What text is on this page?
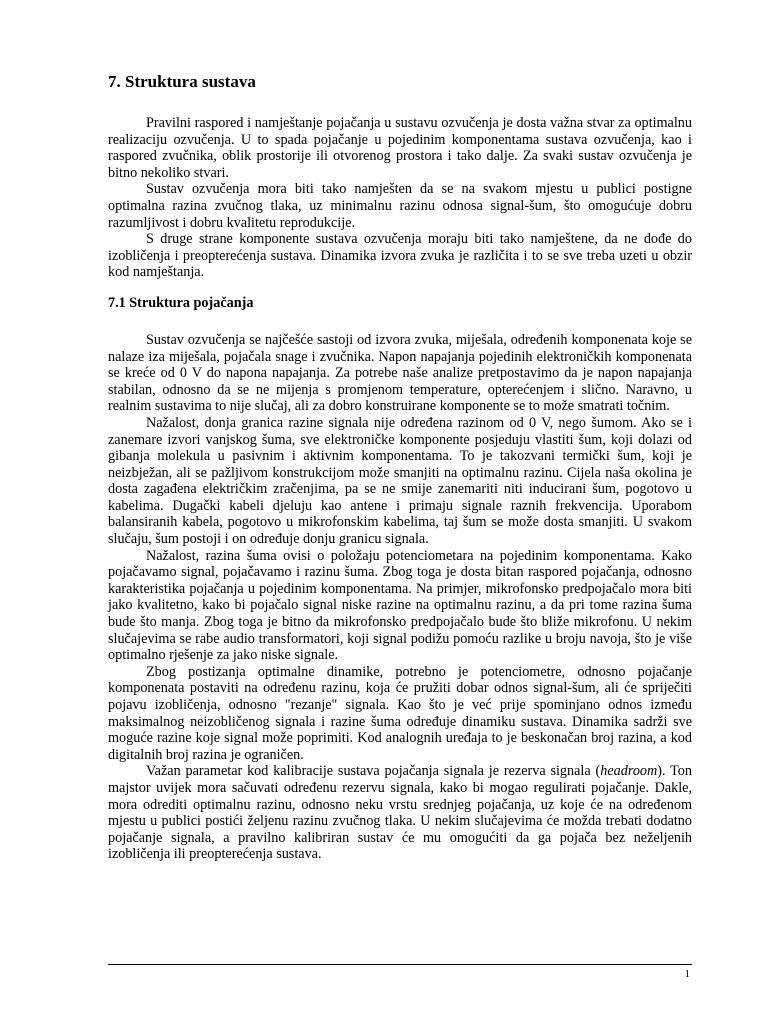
7. Struktura sustava

Pravilni raspored i namještanje pojačanja u sustavu ozvučenja je dosta važna stvar za optimalnu realizaciju ozvučenja. U to spada pojačanje u pojedinim komponentama sustava ozvučenja, kao i raspored zvučnika, oblik prostorije ili otvorenog prostora i tako dalje. Za svaki sustav ozvučenja je bitno nekoliko stvari.

Sustav ozvučenja mora biti tako namješten da se na svakom mjestu u publici postigne optimalna razina zvučnog tlaka, uz minimalnu razinu odnosa signal-šum, što omogućuje dobru razumljivost i dobru kvalitetu reprodukcije.

S druge strane komponente sustava ozvučenja moraju biti tako namještene, da ne dođe do izobličenja i preopterećenja sustava. Dinamika izvora zvuka je različita i to se sve treba uzeti u obzir kod namještanja.

7.1 Struktura pojačanja

Sustav ozvučenja se najčešće sastoji od izvora zvuka, miješala, određenih komponenata koje se nalaze iza miješala, pojačala snage i zvučnika. Napon napajanja pojedinih elektroničkih komponenata se kreće od 0 V do napona napajanja. Za potrebe naše analize pretpostavimo da je napon napajanja stabilan, odnosno da se ne mijenja s promjenom temperature, opterećenjem i slično. Naravno, u realnim sustavima to nije slučaj, ali za dobro konstruirane komponente se to može smatrati točnim.

Nažalost, donja granica razine signala nije određena razinom od 0 V, nego šumom. Ako se i zanemare izvori vanjskog šuma, sve elektroničke komponente posjeduju vlastiti šum, koji dolazi od gibanja molekula u pasivnim i aktivnim komponentama. To je takozvani termički šum, koji je neizbježan, ali se pažljivom konstrukcijom može smanjiti na optimalnu razinu. Cijela naša okolina je dosta zagađena električkim zračenjima, pa se ne smije zanemariti niti inducirani šum, pogotovo u kabelima. Dugački kabeli djeluju kao antene i primaju signale raznih frekvencija. Uporabom balansiranih kabela, pogotovo u mikrofonskim kabelima, taj šum se može dosta smanjiti. U svakom slučaju, šum postoji i on određuje donju granicu signala.

Nažalost, razina šuma ovisi o položaju potenciometara na pojedinim komponentama. Kako pojačavamo signal, pojačavamo i razinu šuma. Zbog toga je dosta bitan raspored pojačanja, odnosno karakteristika pojačanja u pojedinim komponentama. Na primjer, mikrofonsko predpojačalo mora biti jako kvalitetno, kako bi pojačalo signal niske razine na optimalnu razinu, a da pri tome razina šuma bude što manja. Zbog toga je bitno da mikrofonsko predpojačalo bude što bliže mikrofonu. U nekim slučajevima se rabe audio transformatori, koji signal podižu pomoću razlike u broju navoja, što je više optimalno rješenje za jako niske signale.

Zbog postizanja optimalne dinamike, potrebno je potenciometre, odnosno pojačanje komponenata postaviti na određenu razinu, koja će pružiti dobar odnos signal-šum, ali će spriječiti pojavu izobličenja, odnosno "rezanje" signala. Kao što je već prije spominjano odnos između maksimalnog neizobličenog signala i razine šuma određuje dinamiku sustava. Dinamika sadrži sve moguće razine koje signal može poprimiti. Kod analognih uređaja to je beskonačan broj razina, a kod digitalnih broj razina je ograničen.

Važan parametar kod kalibracije sustava pojačanja signala je rezerva signala (headroom). Ton majstor uvijek mora sačuvati određenu rezervu signala, kako bi mogao regulirati pojačanje. Dakle, mora odrediti optimalnu razinu, odnosno neku vrstu srednjeg pojačanja, uz koje će na određenom mjestu u publici postići željenu razinu zvučnog tlaka. U nekim slučajevima će možda trebati dodatno pojačanje signala, a pravilno kalibriran sustav će mu omogućiti da ga pojača bez neželjenih izobličenja ili preopterećenja sustava.

1
